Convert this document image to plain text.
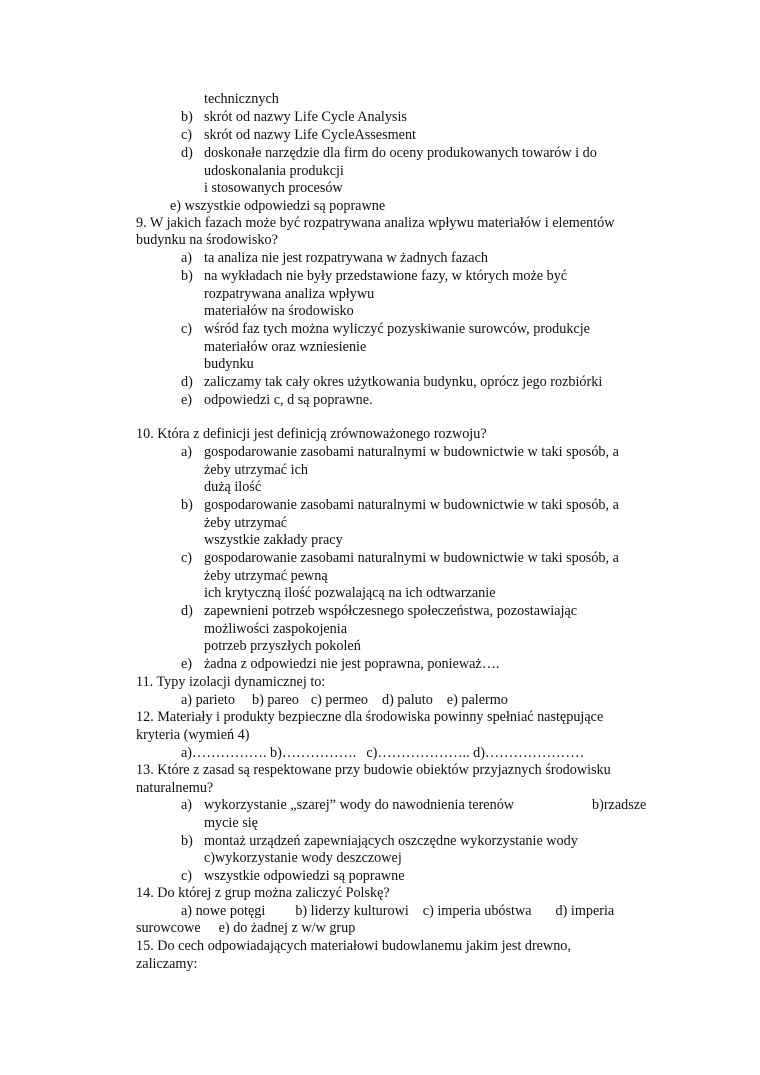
technicznych
b) skrót od nazwy Life Cycle Analysis
c) skrót od nazwy Life CycleAssesment
d) doskonałe narzędzie dla firm do oceny produkowanych towarów i do
udoskonalania produkcji
i stosowanych procesów
e) wszystkie odpowiedzi są poprawne
9. W jakich fazach może być rozpatrywana analiza wpływu materiałów i elementów
budynku na środowisko?
a) ta analiza nie jest rozpatrywana w żadnych fazach
b) na wykładach nie były przedstawione fazy, w których może być
rozpatrywana analiza wpływu
materiałów na środowisko
c) wśród faz tych można wyliczyć pozyskiwanie surowców, produkcje
materiałów oraz wzniesienie
budynku
d) zaliczamy tak cały okres użytkowania budynku, oprócz jego rozbiórki
e) odpowiedzi c, d są poprawne.
10. Która z definicji jest definicją zrównoważonego rozwoju?
a) gospodarowanie zasobami naturalnymi w budownictwie w taki sposób, a
żeby utrzymać ich
dużą ilość
b) gospodarowanie zasobami naturalnymi w budownictwie w taki sposób, a
żeby utrzymać
wszystkie zakłady pracy
c) gospodarowanie zasobami naturalnymi w budownictwie w taki sposób, a
żeby utrzymać pewną
ich krytyczną ilość pozwalającą na ich odtwarzanie
d) zapewnieni potrzeb współczesnego społeczeństwa, pozostawiając
możliwości zaspokojenia
potrzeb przyszłych pokoleń
e) żadna z odpowiedzi nie jest poprawna, ponieważ….
11. Typy izolacji dynamicznej to:
a) parieto b) pareo c) permeo d) paluto e) palermo
12. Materiały i produkty bezpieczne dla środowiska powinny spełniać następujące
kryteria (wymień 4)
a)……………. b)……………. c)……………….. d)…………………
13. Które z zasad są respektowane przy budowie obiektów przyjaznych środowisku
naturalnemu?
a) wykorzystanie „szarej” wody do nawodnienia terenów	b)rzadsze
mycie się
b) montaż urządzeń zapewniających oszczędne wykorzystanie wody
c)wykorzystanie wody deszczowej
c) wszystkie odpowiedzi są poprawne
14. Do której z grup można zaliczyć Polskę?
a) nowe potęgi b) liderzy kulturowi c) imperia ubóstwa d) imperia
surowcowe e) do żadnej z w/w grup
15. Do cech odpowiadających materiałowi budowlanemu jakim jest drewno,
zaliczamy:
